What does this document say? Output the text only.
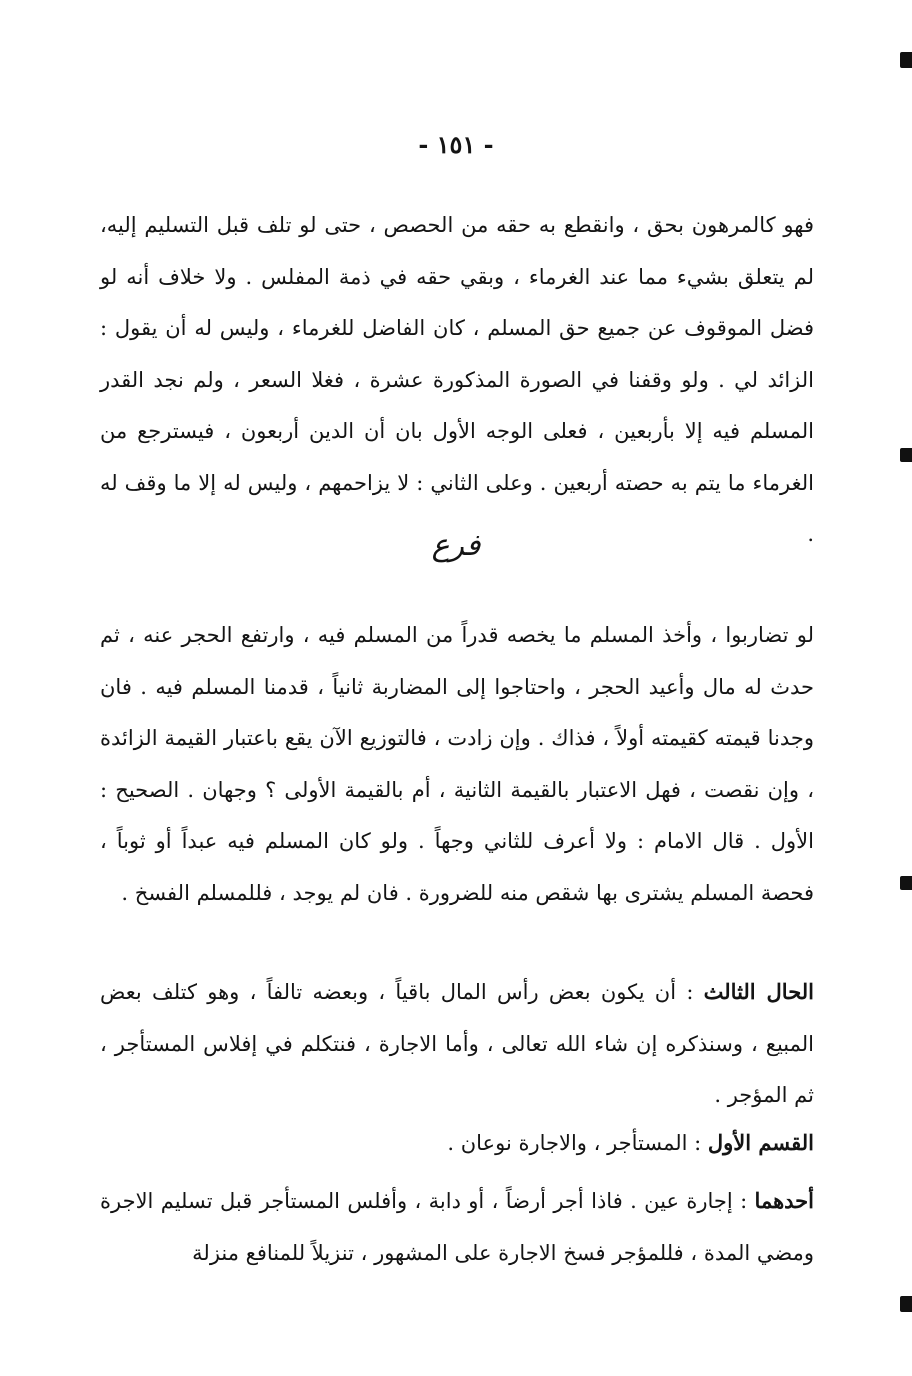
- ١٥١ -

فهو كالمرهون بحق ، وانقطع به حقه من الحصص ، حتى لو تلف قبل التسليم إليه، لم يتعلق بشيء مما عند الغرماء ، وبقي حقه في ذمة المفلس . ولا خلاف أنه لو فضل الموقوف عن جميع حق المسلم ، كان الفاضل للغرماء ، وليس له أن يقول : الزائد لي . ولو وقفنا في الصورة المذكورة عشرة ، فغلا السعر ، ولم نجد القدر المسلم فيه إلا بأربعين ، فعلى الوجه الأول بان أن الدين أربعون ، فيسترجع من الغرماء ما يتم به حصته أربعين . وعلى الثاني : لا يزاحمهم ، وليس له إلا ما وقف له .

فرع

لو تضاربوا ، وأخذ المسلم ما يخصه قدراً من المسلم فيه ، وارتفع الحجر عنه ، ثم حدث له مال وأعيد الحجر ، واحتاجوا إلى المضاربة ثانياً ، قدمنا المسلم فيه . فان وجدنا قيمته كقيمته أولاً ، فذاك . وإن زادت ، فالتوزيع الآن يقع باعتبار القيمة الزائدة ، وإن نقصت ، فهل الاعتبار بالقيمة الثانية ، أم بالقيمة الأولى ؟ وجهان . الصحيح : الأول . قال الامام : ولا أعرف للثاني وجهاً . ولو كان المسلم فيه عبداً أو ثوباً ، فحصة المسلم يشترى بها شقص منه للضرورة . فان لم يوجد ، فللمسلم الفسخ .

الحال الثالث : أن يكون بعض رأس المال باقياً ، وبعضه تالفاً ، وهو كتلف بعض المبيع ، وسنذكره إن شاء الله تعالى ، وأما الاجارة ، فنتكلم في إفلاس المستأجر ، ثم المؤجر .

القسم الأول : المستأجر ، والاجارة نوعان .

أحدهما : إجارة عين . فاذا أجر أرضاً ، أو دابة ، وأفلس المستأجر قبل تسليم الاجرة ومضي المدة ، فللمؤجر فسخ الاجارة على المشهور ، تنزيلاً للمنافع منزلة
